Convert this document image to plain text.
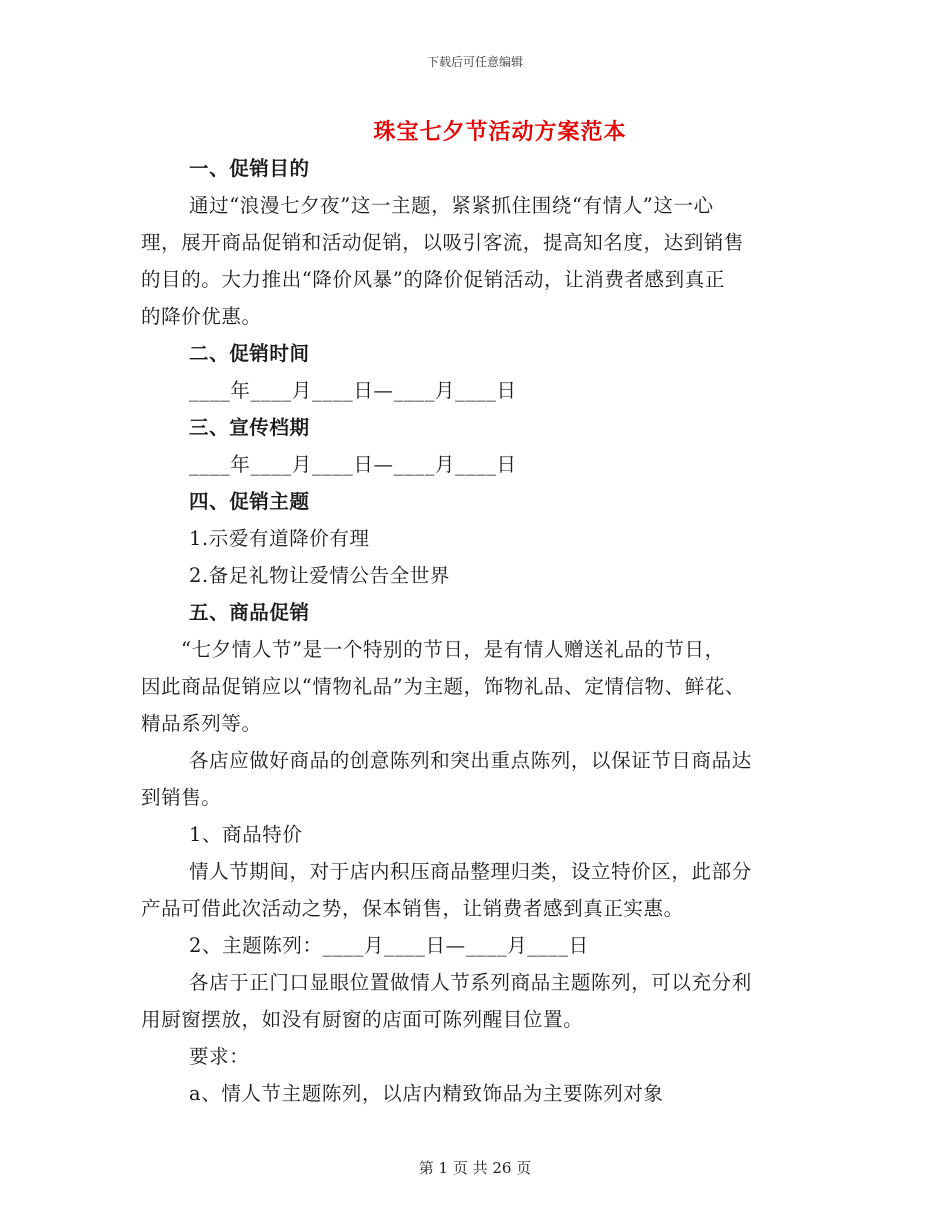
下载后可任意编辑
珠宝七夕节活动方案范本
一、促销目的
通过“浪漫七夕夜”这一主题，紧紧抓住围绕“有情人”这一心
理，展开商品促销和活动促销，以吸引客流，提高知名度，达到销售
的目的。大力推出“降价风暴”的降价促销活动，让消费者感到真正
的降价优惠。
二、促销时间
____年____月____日—____月____日
三、宣传档期
____年____月____日—____月____日
四、促销主题
1.示爱有道降价有理
2.备足礼物让爱情公告全世界
五、商品促销
“七夕情人节”是一个特别的节日，是有情人赠送礼品的节日，
因此商品促销应以“情物礼品”为主题，饰物礼品、定情信物、鲜花、
精品系列等。
各店应做好商品的创意陈列和突出重点陈列，以保证节日商品达
到销售。
1、商品特价
情人节期间，对于店内积压商品整理归类，设立特价区，此部分
产品可借此次活动之势，保本销售，让销费者感到真正实惠。
2、主题陈列：____月____日—____月____日
各店于正门口显眼位置做情人节系列商品主题陈列，可以充分利
用厨窗摆放，如没有厨窗的店面可陈列醒目位置。
要求：
a、情人节主题陈列，以店内精致饰品为主要陈列对象
第 1 页 共 26 页
